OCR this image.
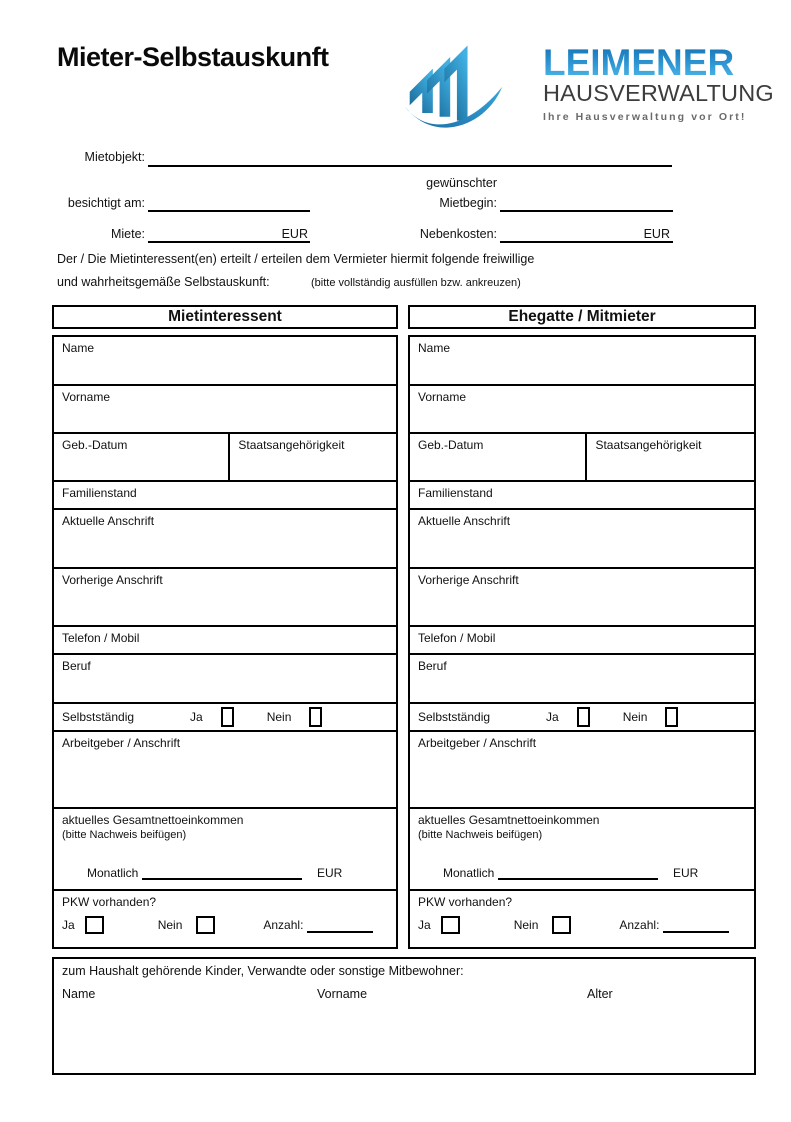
Mieter-Selbstauskunft	LEIMENER
HAUSVERWALTUNG
Ihre Hausverwaltung vor Ort!
Mietobjekt:
besichtigt am:
gewünschter
Mietbegin:
Miete:	EUR	Nebenkosten:	EUR
Der / Die Mietinteressent(en) erteilt / erteilen dem Vermieter hiermit folgende freiwillige
und wahrheitsgemäße Selbstauskunft:	(bitte vollständig ausfüllen bzw. ankreuzen)
Mietinteressent
Name
Vorname
Geb.-Datum	Staatsangehörigkeit
Familienstand
Aktuelle Anschrift
Vorherige Anschrift
Telefon / Mobil
Beruf
Selbstständig	Ja	Nein
Arbeitgeber / Anschrift
aktuelles Gesamtnettoeinkommen
(bitte Nachweis beifügen)
Monatlich	EUR
PKW vorhanden?
Ja	Nein	Anzahl:
Ehegatte / Mitmieter
Name
Vorname
Geb.-Datum	Staatsangehörigkeit
Familienstand
Aktuelle Anschrift
Vorherige Anschrift
Telefon / Mobil
Beruf
Selbstständig	Ja	Nein
Arbeitgeber / Anschrift
aktuelles Gesamtnettoeinkommen
(bitte Nachweis beifügen)
Monatlich	EUR
PKW vorhanden?
Ja	Nein	Anzahl:
zum Haushalt gehörende Kinder, Verwandte oder sonstige Mitbewohner:
Name	Vorname	Alter
